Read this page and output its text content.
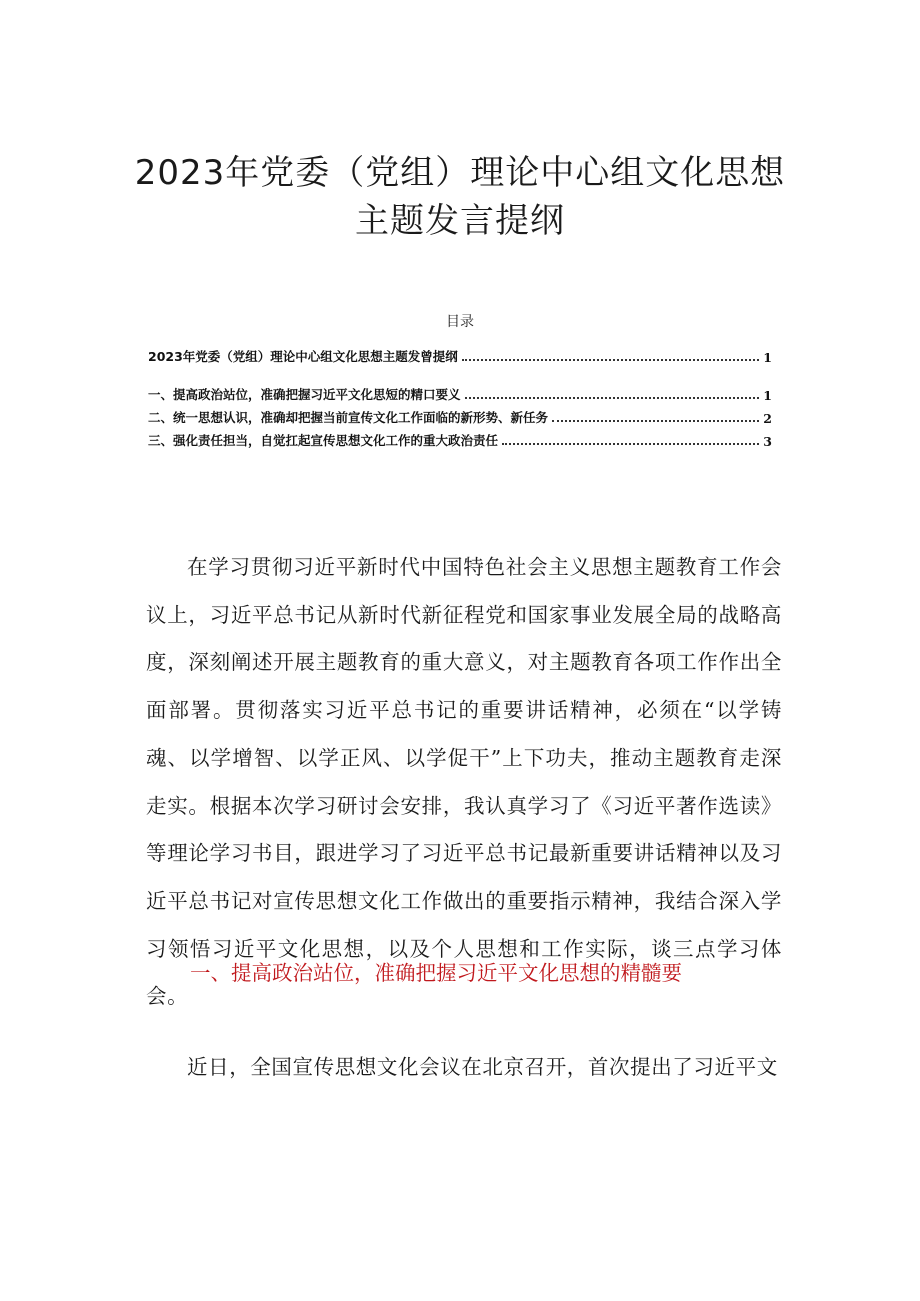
2023年党委（党组）理论中心组文化思想
主题发言提纲
目录
2023年党委（党组）理论中心组文化思想主题发曾提纲	1
一、提高政治站位，准确把握习近平文化思短的精口要义	1
二、统一思想认识，准确却把握当前宣传文化工作面临的新形势、新任务	2
三、强化责任担当，自觉扛起宣传思想文化工作的重大政治责任	3
在学习贯彻习近平新时代中国特色社会主义思想主题教育工作会议上，习近平总书记从新时代新征程党和国家事业发展全局的战略高度，深刻阐述开展主题教育的重大意义，对主题教育各项工作作出全面部署。贯彻落实习近平总书记的重要讲话精神，必须在“以学铸魂、以学增智、以学正风、以学促干”上下功夫，推动主题教育走深走实。根据本次学习研讨会安排，我认真学习了《习近平著作选读》等理论学习书目，跟进学习了习近平总书记最新重要讲话精神以及习近平总书记对宣传思想文化工作做出的重要指示精神，我结合深入学习领悟习近平文化思想，以及个人思想和工作实际，谈三点学习体会。
一、提高政治站位，准确把握习近平文化思想的精髓要
近日，全国宣传思想文化会议在北京召开，首次提出了习近平文
